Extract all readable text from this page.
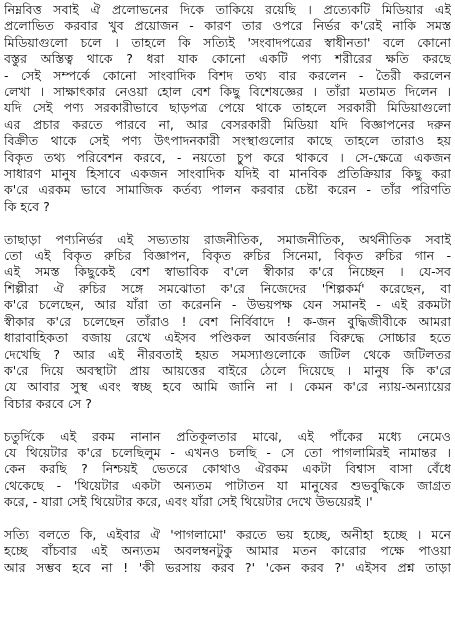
নিম্নবিত্ত সবাই ঐ প্রলোভনের দিকে তাকিয়ে রয়েছি । প্রত্যেকটি মিডিয়ার এই
প্রলোভিত করবার খুব প্রয়োজন - কারণ তার ওপরে নির্ভর ক'রেই নাকি সমস্ত
মিডিয়াগুলো চলে । তাহলে কি সত্যিই 'সংবাদপত্রের স্বাধীনতা' বলে কোনো
বস্তুর অস্তিত্ব থাকে ? ধরা যাক কোনো একটি পণ্য শরীরের ক্ষতি করছে
- সেই সম্পর্কে কোনো সাংবাদিক বিশদ তথ্য বার করলেন - তৈরী করলেন
লেখা । সাক্ষাৎকার নেওয়া হোল বেশ কিছু বিশেষজ্ঞের । তাঁরা মতামত দিলেন ।
যদি সেই পণ্য সরকারীভাবে ছাড়পত্র পেয়ে থাকে তাহলে সরকারী মিডিয়াগুলো
এর প্রচার করতে পারবে না, আর বেসরকারী মিডিয়া যদি বিজ্ঞাপনের দরুন
বিক্রীত থাকে সেই পণ্য উৎপাদনকারী সংস্থাগুলোর কাছে তাহলে তারাও হয়
বিকৃত তথ্য পরিবেশন করবে, - নয়তো চুপ করে থাকবে । সে-ক্ষেত্রে একজন
সাধারণ মানুষ হিসাবে একজন সাংবাদিক যদিই বা মানবিক প্রতিক্রিয়ার কিছু করা
ক'রে এরকম ভাবে সামাজিক কর্তব্য পালন করবার চেষ্টা করেন - তাঁর পরিণতি
কি হবে ?
তাছাড়া পণ্যনির্ভর এই সভ্যতায় রাজনীতিক, সমাজনীতিক, অর্থনীতিক সবাই
তো এই বিকৃত রুচির বিজ্ঞাপন, বিকৃত রুচির সিনেমা, বিকৃত রুচির গান -
এই সমস্ত কিছুকেই বেশ স্বাভাবিক ব'লে স্বীকার ক'রে নিচ্ছেন । যে-সব
শিল্পীরা ঐ রুচির সঙ্গে সমঝোতা ক'রে নিজেদের 'শিল্পকর্ম' করেছেন, বা
ক'রে চলেছেন, আর যাঁরা তা করেননি - উভয়পক্ষ যেন সমানই - এই রকমটা
স্বীকার ক'রে চলেছেন তাঁরাও ! বেশ নির্বিবাদে ! ক-জন বুদ্ধিজীবীকে আমরা
ধারাবাহিকতা বজায় রেখে এইসব পণ্ডিকল আবর্জনার বিরুদ্ধে সোচ্চার হতে
দেখেছি ? আর এই নীরবতাই হয়ত সমস্যাগুলোকে জটিল থেকে জটিলতর
ক'রে দিয়ে অবস্থাটা প্রায় আয়ত্তের বাইরে ঠেলে দিয়েছে । মানুষ কি ক'রে
যে আবার সুস্থ এবং স্বচ্ছ হবে আমি জানি না । কেমন ক'রে ন্যায়-অন্যায়ের
বিচার করবে সে ?
চতুর্দিকে এই রকম নানান প্রতিকূলতার মাঝে, এই পাঁকের মধ্যে নেমেও
যে থিয়েটার ক'রে চলেছিলুম - এখনও চলছি - সে তো পাগলামিরই নামান্তর ।
কেন করছি ? নিশ্চয়ই ভেতরে কোথাও ঐরকম একটা বিশ্বাস বাসা বেঁধে
থেকেছে - 'থিয়েটার একটা অন্যতম পাটাতন যা মানুষের শুভবুদ্ধিকে জাগ্রত
করে, - যারা সেই থিয়েটার করে, এবং যাঁরা সেই থিয়েটার দেখে উভয়েরই ।'
সত্যি বলতে কি, এইবার ঐ 'পাগলামো' করতে ভয় হচ্ছে, অনীহা হচ্ছে । মনে
হচ্ছে বাঁচবার এই অন্যতম অবলম্বনটুকু আমার মতন কারোর পক্ষে পাওয়া
আর সম্ভব হবে না ! 'কী ভরসায় করব ?' 'কেন করব ?' এইসব প্রশ্ন তাড়া
